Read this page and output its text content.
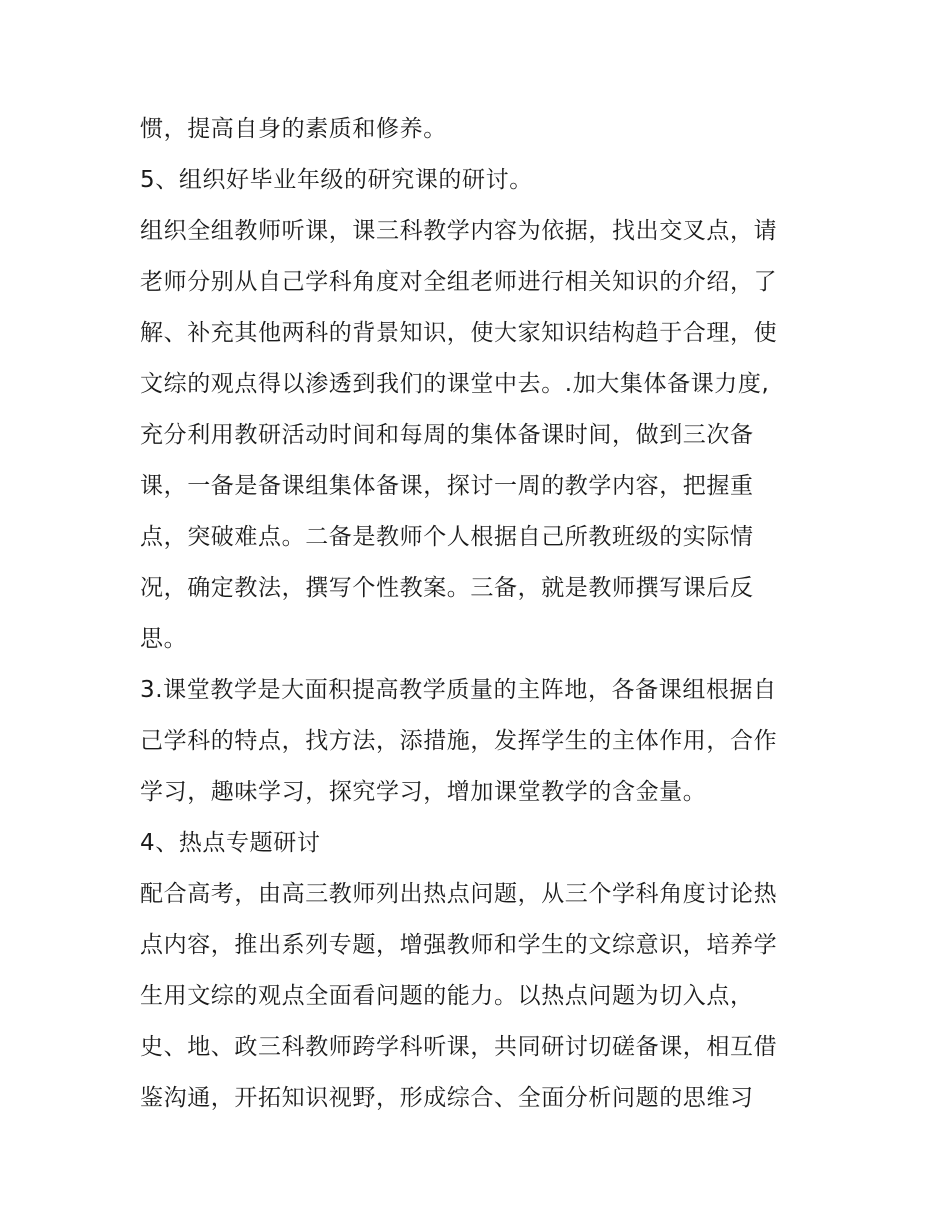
惯，提高自身的素质和修养。
5、组织好毕业年级的研究课的研讨。
组织全组教师听课，课三科教学内容为依据，找出交叉点，请
老师分别从自己学科角度对全组老师进行相关知识的介绍，了
解、补充其他两科的背景知识，使大家知识结构趋于合理，使
文综的观点得以渗透到我们的课堂中去。.加大集体备课力度,
充分利用教研活动时间和每周的集体备课时间，做到三次备
课，一备是备课组集体备课，探讨一周的教学内容，把握重
点，突破难点。二备是教师个人根据自己所教班级的实际情
况，确定教法，撰写个性教案。三备，就是教师撰写课后反
思。
3.课堂教学是大面积提高教学质量的主阵地，各备课组根据自
己学科的特点，找方法，添措施，发挥学生的主体作用，合作
学习，趣味学习，探究学习，增加课堂教学的含金量。
4、热点专题研讨
配合高考，由高三教师列出热点问题，从三个学科角度讨论热
点内容，推出系列专题，增强教师和学生的文综意识，培养学
生用文综的观点全面看问题的能力。以热点问题为切入点，
史、地、政三科教师跨学科听课，共同研讨切磋备课，相互借
鉴沟通，开拓知识视野，形成综合、全面分析问题的思维习
